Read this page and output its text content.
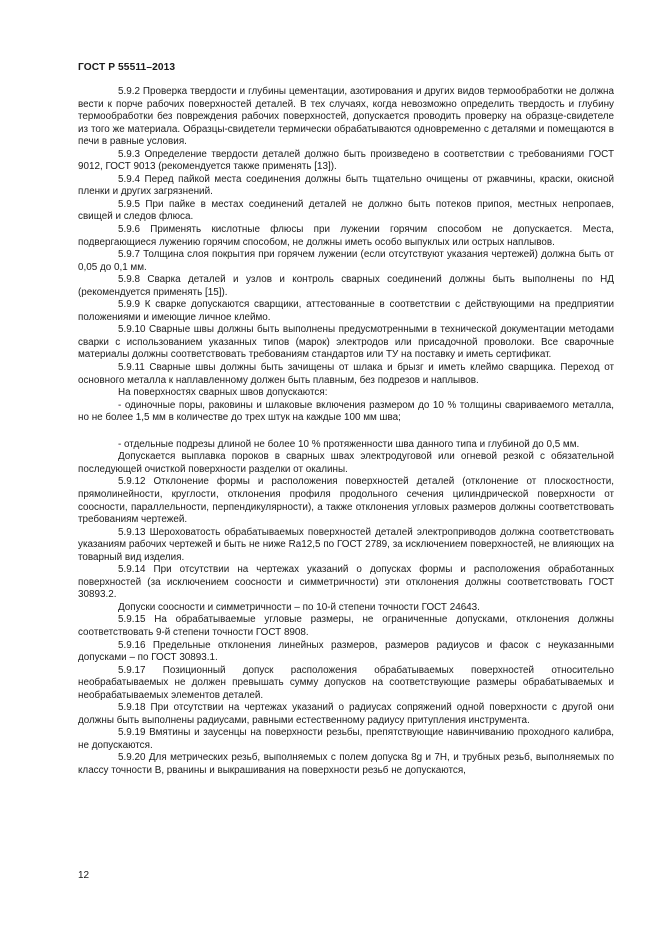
ГОСТ Р 55511–2013

5.9.2 Проверка твердости и глубины цементации, азотирования и других видов термообработки не должна вести к порче рабочих поверхностей деталей. В тех случаях, когда невозможно определить твердость и глубину термообработки без повреждения рабочих поверхностей, допускается проводить проверку на образце-свидетеле из того же материала. Образцы-свидетели термически обрабатываются одновременно с деталями и помещаются в печи в равные условия.

5.9.3 Определение твердости деталей должно быть произведено в соответствии с требованиями ГОСТ 9012, ГОСТ 9013 (рекомендуется также применять [13]).

5.9.4 Перед пайкой места соединения должны быть тщательно очищены от ржавчины, краски, окисной пленки и других загрязнений.

5.9.5 При пайке в местах соединений деталей не должно быть потеков припоя, местных непропаев, свищей и следов флюса.

5.9.6 Применять кислотные флюсы при лужении горячим способом не допускается. Места, подвергающиеся лужению горячим способом, не должны иметь особо выпуклых или острых наплывов.

5.9.7 Толщина слоя покрытия при горячем лужении (если отсутствуют указания чертежей) должна быть от 0,05 до 0,1 мм.

5.9.8 Сварка деталей и узлов и контроль сварных соединений должны быть выполнены по НД (рекомендуется применять [15]).

5.9.9 К сварке допускаются сварщики, аттестованные в соответствии с действующими на предприятии положениями и имеющие личное клеймо.

5.9.10 Сварные швы должны быть выполнены предусмотренными в технической документации методами сварки с использованием указанных типов (марок) электродов или присадочной проволоки. Все сварочные материалы должны соответствовать требованиям стандартов или ТУ на поставку и иметь сертификат.

5.9.11 Сварные швы должны быть зачищены от шлака и брызг и иметь клеймо сварщика. Переход от основного металла к наплавленному должен быть плавным, без подрезов и наплывов.

На поверхностях сварных швов допускаются:

- одиночные поры, раковины и шлаковые включения размером до 10 % толщины свариваемого металла, но не более 1,5 мм в количестве до трех штук на каждые 100 мм шва;

- отдельные подрезы длиной не более 10 % протяженности шва данного типа и глубиной до 0,5 мм.

Допускается выплавка пороков в сварных швах электродуговой или огневой резкой с обязательной последующей очисткой поверхности разделки от окалины.

5.9.12 Отклонение формы и расположения поверхностей деталей (отклонение от плоскостности, прямолинейности, круглости, отклонения профиля продольного сечения цилиндрической поверхности от соосности, параллельности, перпендикулярности), а также отклонения угловых размеров должны соответствовать требованиям чертежей.

5.9.13 Шероховатость обрабатываемых поверхностей деталей электроприводов должна соответствовать указаниям рабочих чертежей и быть не ниже Ra12,5 по ГОСТ 2789, за исключением поверхностей, не влияющих на товарный вид изделия.

5.9.14 При отсутствии на чертежах указаний о допусках формы и расположения обработанных поверхностей (за исключением соосности и симметричности) эти отклонения должны соответствовать ГОСТ 30893.2.

Допуски соосности и симметричности – по 10-й степени точности ГОСТ 24643.

5.9.15 На обрабатываемые угловые размеры, не ограниченные допусками, отклонения должны соответствовать 9-й степени точности ГОСТ 8908.

5.9.16 Предельные отклонения линейных размеров, размеров радиусов и фасок с неуказанными допусками – по ГОСТ 30893.1.

5.9.17 Позиционный допуск расположения обрабатываемых поверхностей относительно необрабатываемых не должен превышать сумму допусков на соответствующие размеры обрабатываемых и необрабатываемых элементов деталей.

5.9.18 При отсутствии на чертежах указаний о радиусах сопряжений одной поверхности с другой они должны быть выполнены радиусами, равными естественному радиусу притупления инструмента.

5.9.19 Вмятины и заусенцы на поверхности резьбы, препятствующие навинчиванию проходного калибра, не допускаются.

5.9.20 Для метрических резьб, выполняемых с полем допуска 8g и 7H, и трубных резьб, выполняемых по классу точности В, рванины и выкрашивания на поверхности резьб не допускаются,

12
